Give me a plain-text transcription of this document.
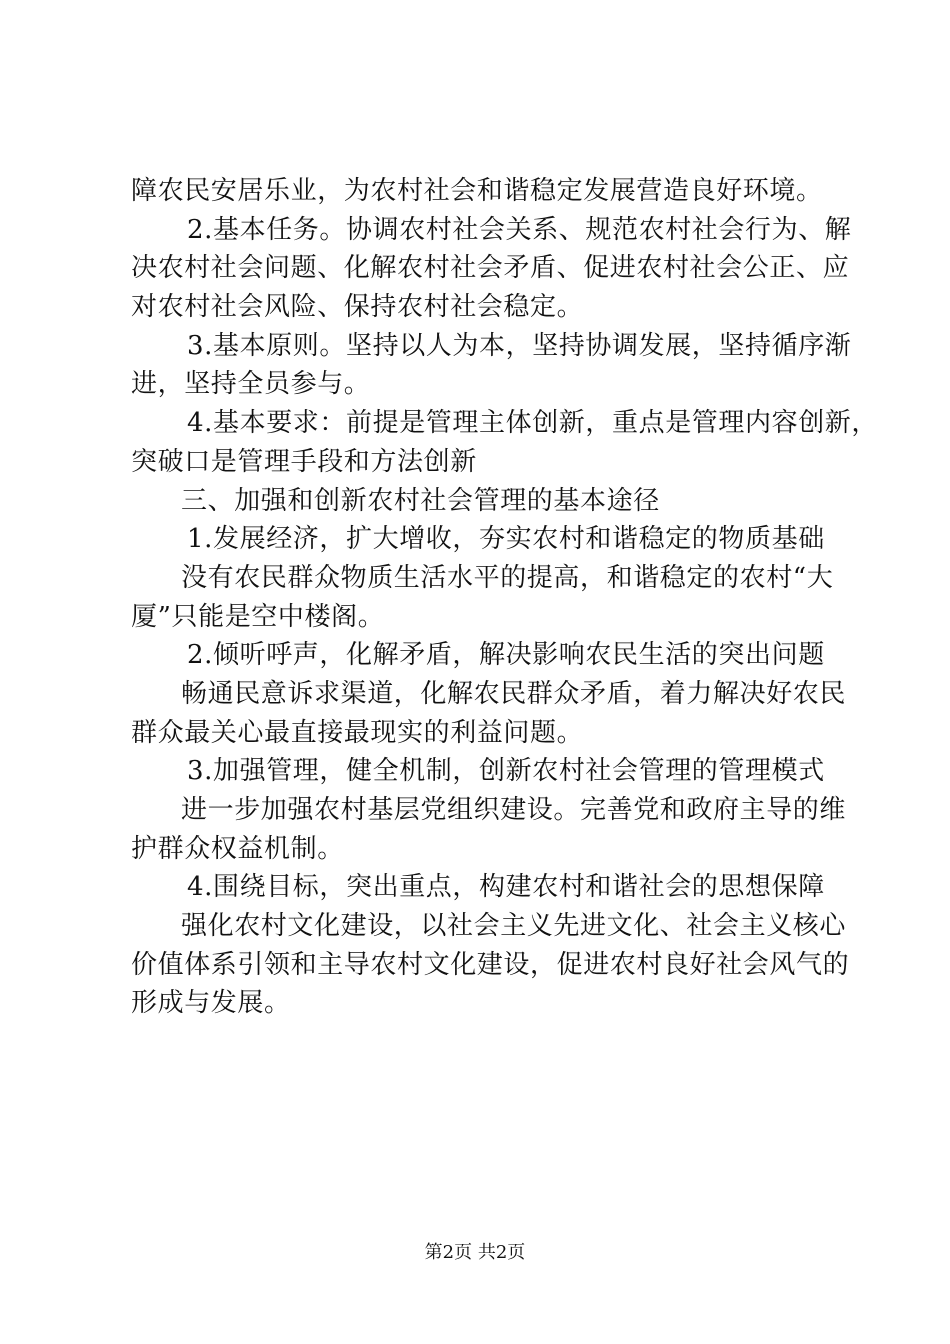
障农民安居乐业，为农村社会和谐稳定发展营造良好环境。
2.基本任务。协调农村社会关系、规范农村社会行为、解
决农村社会问题、化解农村社会矛盾、促进农村社会公正、应
对农村社会风险、保持农村社会稳定。
3.基本原则。坚持以人为本，坚持协调发展，坚持循序渐
进，坚持全员参与。
4.基本要求：前提是管理主体创新，重点是管理内容创新，
突破口是管理手段和方法创新
三、加强和创新农村社会管理的基本途径
1.发展经济，扩大增收，夯实农村和谐稳定的物质基础
没有农民群众物质生活水平的提高，和谐稳定的农村“大
厦”只能是空中楼阁。
2.倾听呼声，化解矛盾，解决影响农民生活的突出问题
畅通民意诉求渠道，化解农民群众矛盾，着力解决好农民
群众最关心最直接最现实的利益问题。
3.加强管理，健全机制，创新农村社会管理的管理模式
进一步加强农村基层党组织建设。完善党和政府主导的维
护群众权益机制。
4.围绕目标，突出重点，构建农村和谐社会的思想保障
强化农村文化建设，以社会主义先进文化、社会主义核心
价值体系引领和主导农村文化建设，促进农村良好社会风气的
形成与发展。
第2页 共2页
